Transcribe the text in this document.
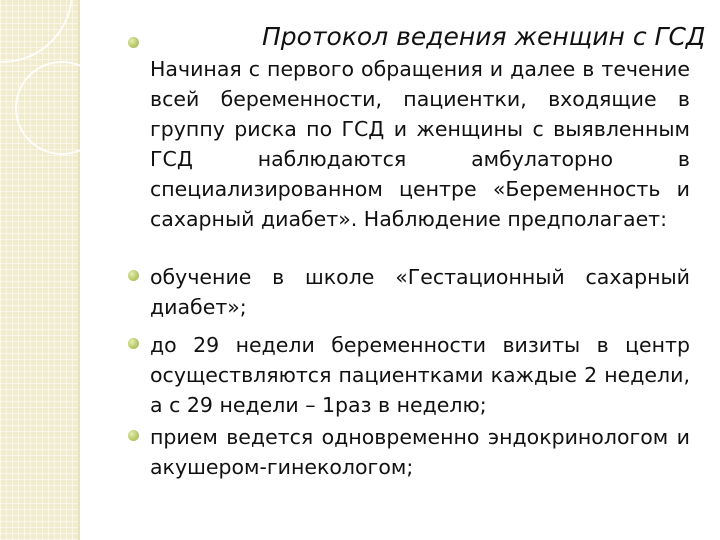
Протокол ведения женщин с ГСД

Начиная с первого обращения и далее в течение всей беременности, пациентки, входящие в группу риска по ГСД и женщины с выявленным ГСД наблюдаются амбулаторно в специализированном центре «Беременность и сахарный диабет». Наблюдение предполагает:

обучение в школе «Гестационный сахарный диабет»;

до 29 недели беременности визиты в центр осуществляются пациентками каждые 2 недели, а с 29 недели – 1раз в неделю;

прием ведется одновременно эндокринологом и акушером-гинекологом;
